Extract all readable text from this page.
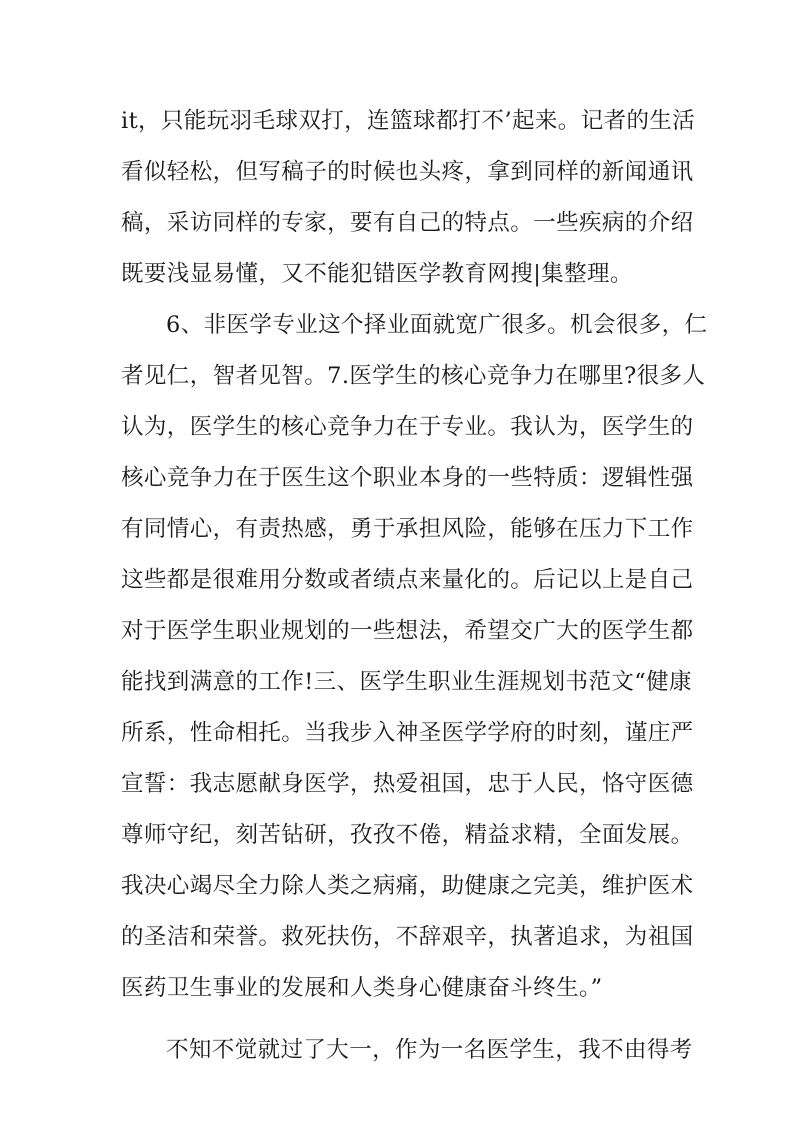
it，只能玩羽毛球双打，连篮球都打不’起来。记者的生活
看似轻松，但写稿子的时候也头疼，拿到同样的新闻通讯
稿，采访同样的专家，要有自己的特点。一些疾病的介绍
既要浅显易懂，又不能犯错医学教育网搜|集整理。
6、非医学专业这个择业面就宽广很多。机会很多，仁
者见仁，智者见智。7.医学生的核心竞争力在哪里?很多人
认为，医学生的核心竞争力在于专业。我认为，医学生的
核心竞争力在于医生这个职业本身的一些特质：逻辑性强
有同情心，有责热感，勇于承担风险，能够在压力下工作
这些都是很难用分数或者绩点来量化的。后记以上是自己
对于医学生职业规划的一些想法，希望交广大的医学生都
能找到满意的工作!三、医学生职业生涯规划书范文“健康
所系，性命相托。当我步入神圣医学学府的时刻，谨庄严
宣誓：我志愿献身医学，热爱祖国，忠于人民，恪守医德
尊师守纪，刻苦钻研，孜孜不倦，精益求精，全面发展。
我决心竭尽全力除人类之病痛，助健康之完美，维护医术
的圣洁和荣誉。救死扶伤，不辞艰辛，执著追求，为祖国
医药卫生事业的发展和人类身心健康奋斗终生。”
不知不觉就过了大一，作为一名医学生，我不由得考
